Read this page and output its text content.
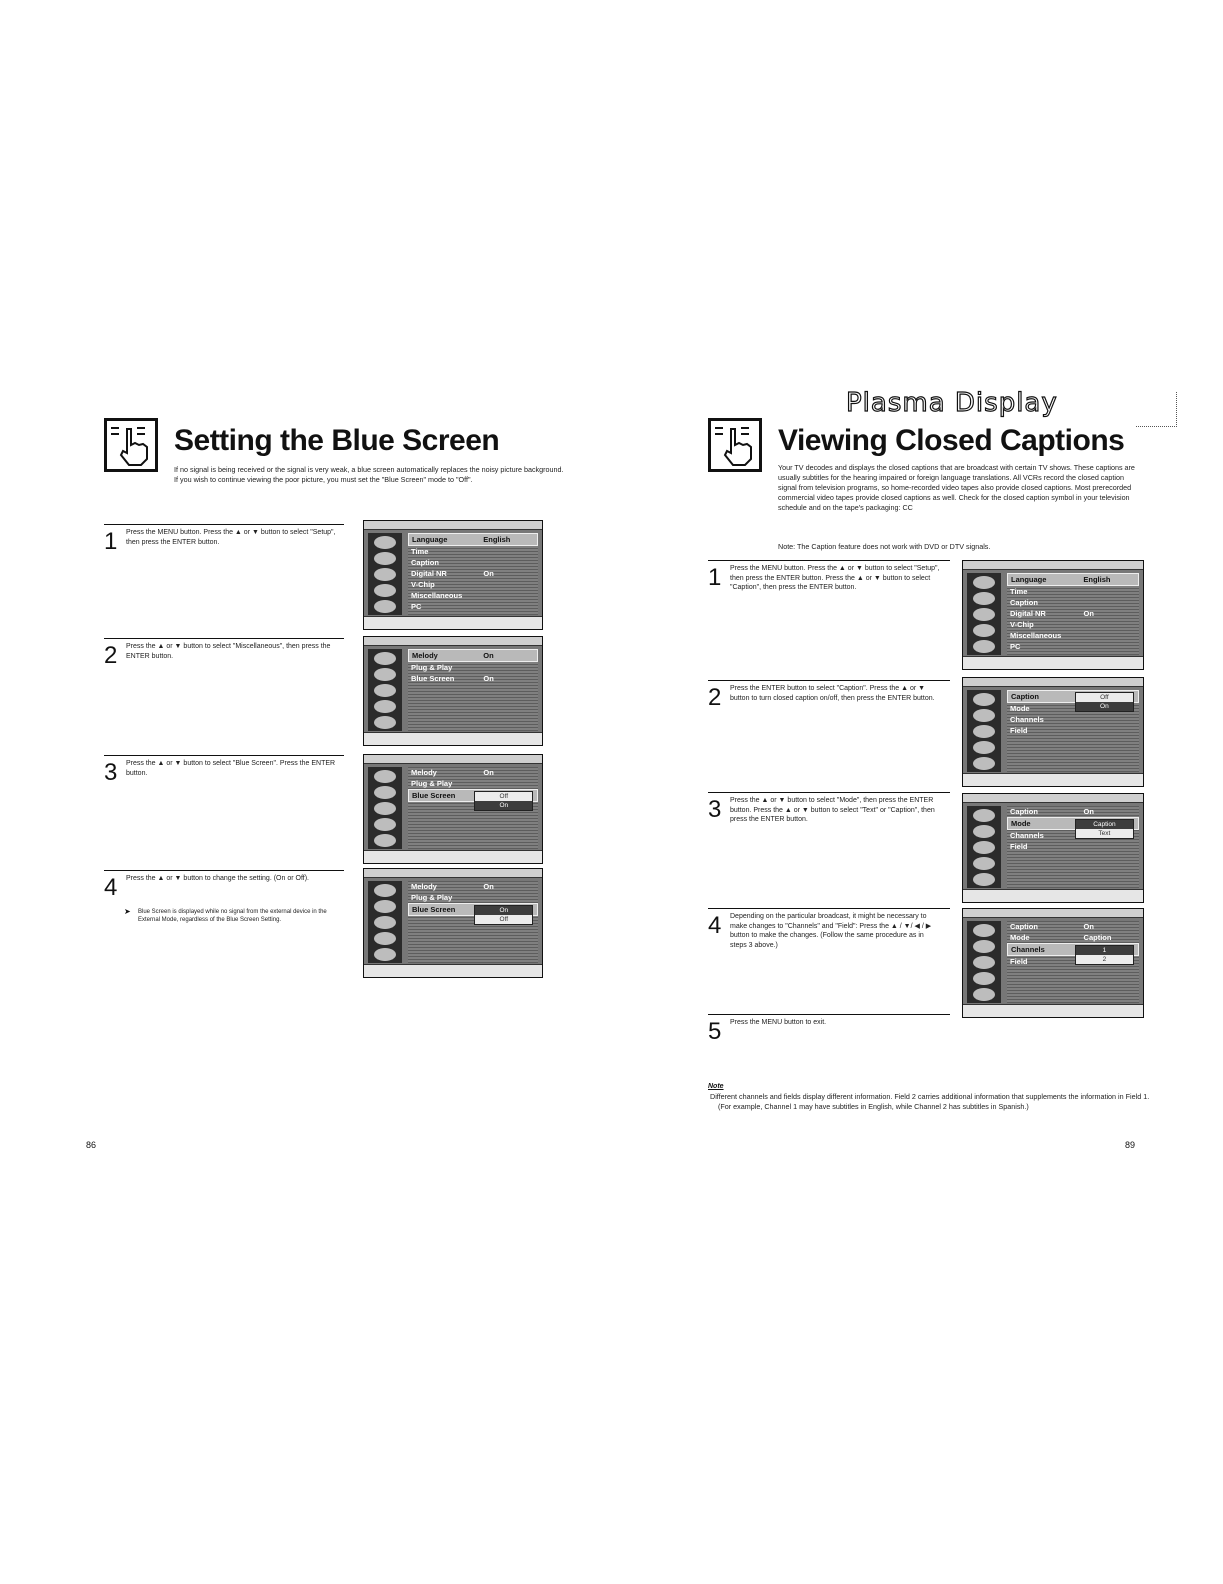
Setting the Blue Screen
If no signal is being received or the signal is very weak, a blue screen automatically replaces the noisy picture background. If you wish to continue viewing the poor picture, you must set the "Blue Screen" mode to "Off".
1 Press the MENU button. Press the ▲ or ▼ button to select "Setup", then press the ENTER button.
2 Press the ▲ or ▼ button to select "Miscellaneous", then press the ENTER button.
3 Press the ▲ or ▼ button to select "Blue Screen". Press the ENTER button.
4 Press the ▲ or ▼ button to change the setting. (On or Off).
Blue Screen is displayed while no signal from the external device in the External Mode, regardless of the Blue Screen Setting.
➤
Language	English
Time
Caption
Digital NR	On
V-Chip
Miscellaneous
PC
Melody	On
Plug & Play
Blue Screen	On
Melody	On
Plug & Play
Blue Screen	Off
On
Melody	On
Plug & Play
Blue Screen	On
Off
86
Plasma Display
Viewing Closed Captions
Your TV decodes and displays the closed captions that are broadcast with certain TV shows. These captions are usually subtitles for the hearing impaired or foreign language translations. All VCRs record the closed caption signal from television programs, so home-recorded video tapes also provide closed captions. Most prerecorded commercial video tapes provide closed captions as well. Check for the closed caption symbol in your television schedule and on the tape's packaging: CC
Note: The Caption feature does not work with DVD or DTV signals.
1 Press the MENU button. Press the ▲ or ▼ button to select "Setup", then press the ENTER button. Press the ▲ or ▼ button to select "Caption", then press the ENTER button.
2 Press the ENTER button to select "Caption". Press the ▲ or ▼ button to turn closed caption on/off, then press the ENTER button.
3 Press the ▲ or ▼ button to select "Mode", then press the ENTER button. Press the ▲ or ▼ button to select "Text" or "Caption", then press the ENTER button.
4 Depending on the particular broadcast, it might be necessary to make changes to "Channels" and "Field": Press the ▲ / ▼/ ◀ / ▶ button to make the changes. (Follow the same procedure as in steps 3 above.)
5 Press the MENU button to exit.
Language	English
Time
Caption
Digital NR	On
V-Chip
Miscellaneous
PC
Caption
Mode
Channels
Field
Off
On
Caption	On
Mode
Channels
Field
Caption
Text
Caption	On
Mode	Caption
Channels
Field
1
2
Note
Different channels and fields display different information. Field 2 carries additional information that supplements the information in Field 1. (For example, Channel 1 may have subtitles in English, while Channel 2 has subtitles in Spanish.)
89
